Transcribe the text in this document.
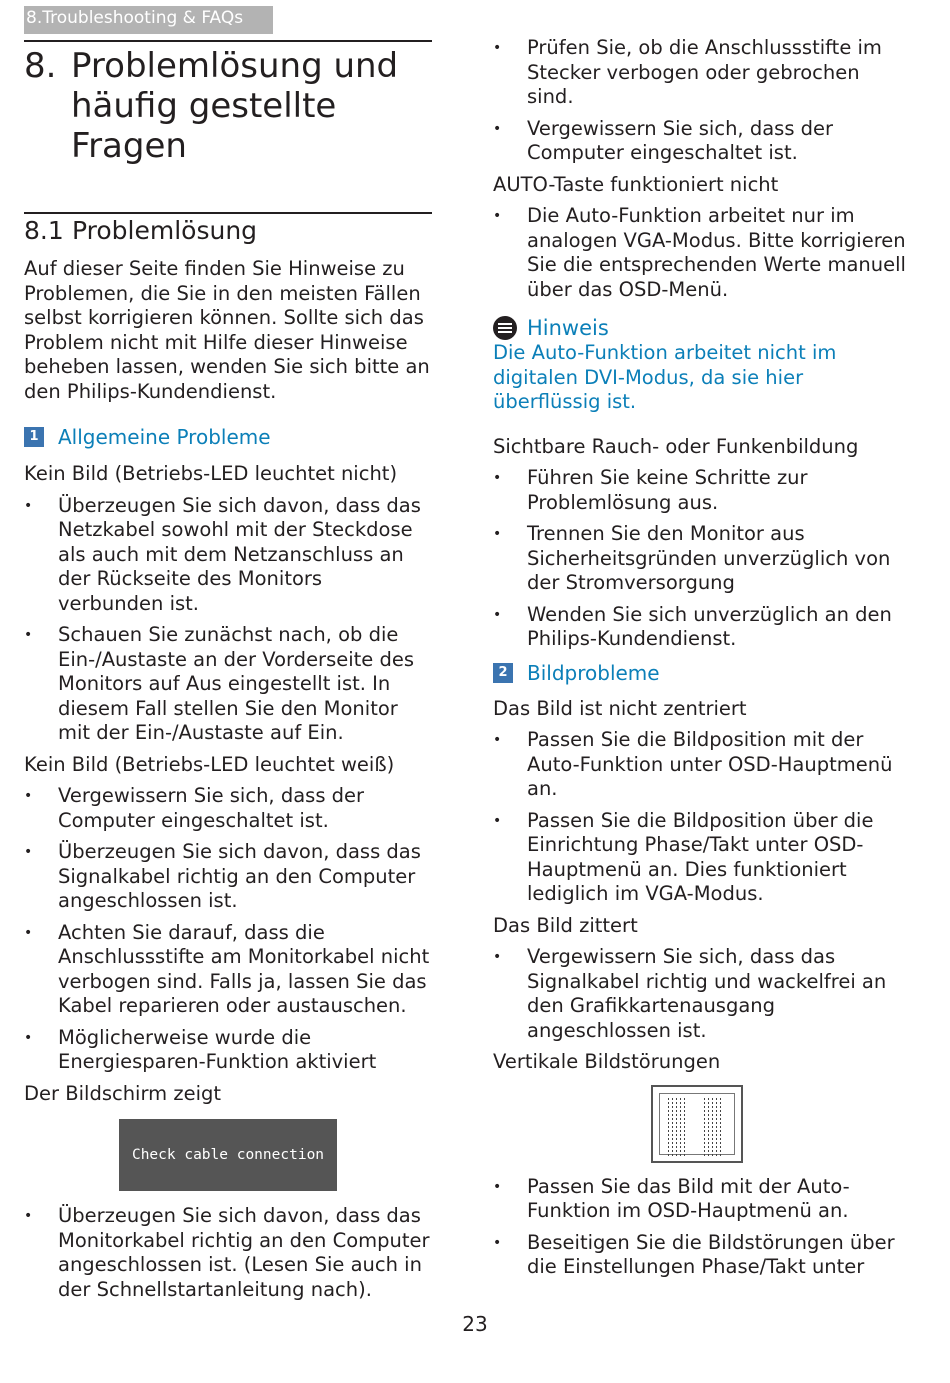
8.Troubleshooting & FAQs
8. Problemlösung und
häufig gestellte Fragen
8.1 Problemlösung

Auf dieser Seite finden Sie Hinweise zu Problemen, die Sie in den meisten Fällen selbst korrigieren können. Sollte sich das Problem nicht mit Hilfe dieser Hinweise beheben lassen, wenden Sie sich bitte an den Philips-Kundendienst.

1 Allgemeine Probleme
Kein Bild (Betriebs-LED leuchtet nicht)
• Überzeugen Sie sich davon, dass das Netzkabel sowohl mit der Steckdose als auch mit dem Netzanschluss an der Rückseite des Monitors verbunden ist.
• Schauen Sie zunächst nach, ob die Ein-/Austaste an der Vorderseite des Monitors auf Aus eingestellt ist. In diesem Fall stellen Sie den Monitor mit der Ein-/Austaste auf Ein.
Kein Bild (Betriebs-LED leuchtet weiß)
• Vergewissern Sie sich, dass der Computer eingeschaltet ist.
• Überzeugen Sie sich davon, dass das Signalkabel richtig an den Computer angeschlossen ist.
• Achten Sie darauf, dass die Anschlussstifte am Monitorkabel nicht verbogen sind. Falls ja, lassen Sie das Kabel reparieren oder austauschen.
• Möglicherweise wurde die Energiesparen-Funktion aktiviert
Der Bildschirm zeigt
Check cable connection
• Überzeugen Sie sich davon, dass das Monitorkabel richtig an den Computer angeschlossen ist. (Lesen Sie auch in der Schnellstartanleitung nach).
• Prüfen Sie, ob die Anschlussstifte im Stecker verbogen oder gebrochen sind.
• Vergewissern Sie sich, dass der Computer eingeschaltet ist.
AUTO-Taste funktioniert nicht
• Die Auto-Funktion arbeitet nur im analogen VGA-Modus. Bitte korrigieren Sie die entsprechenden Werte manuell über das OSD-Menü.
Hinweis

Die Auto-Funktion arbeitet nicht im digitalen DVI-Modus, da sie hier überflüssig ist.

Sichtbare Rauch- oder Funkenbildung
• Führen Sie keine Schritte zur Problemlösung aus.
• Trennen Sie den Monitor aus Sicherheitsgründen unverzüglich von der Stromversorgung
• Wenden Sie sich unverzüglich an den Philips-Kundendienst.
2 Bildprobleme
Das Bild ist nicht zentriert
• Passen Sie die Bildposition mit der Auto-Funktion unter OSD-Hauptmenü an.
• Passen Sie die Bildposition über die Einrichtung Phase/Takt unter OSD-Hauptmenü an. Dies funktioniert lediglich im VGA-Modus.
Das Bild zittert
• Vergewissern Sie sich, dass das Signalkabel richtig und wackelfrei an den Grafikkartenausgang angeschlossen ist.
Vertikale Bildstörungen
• Passen Sie das Bild mit der Auto-Funktion im OSD-Hauptmenü an.
• Beseitigen Sie die Bildstörungen über die Einstellungen Phase/Takt unter
23
